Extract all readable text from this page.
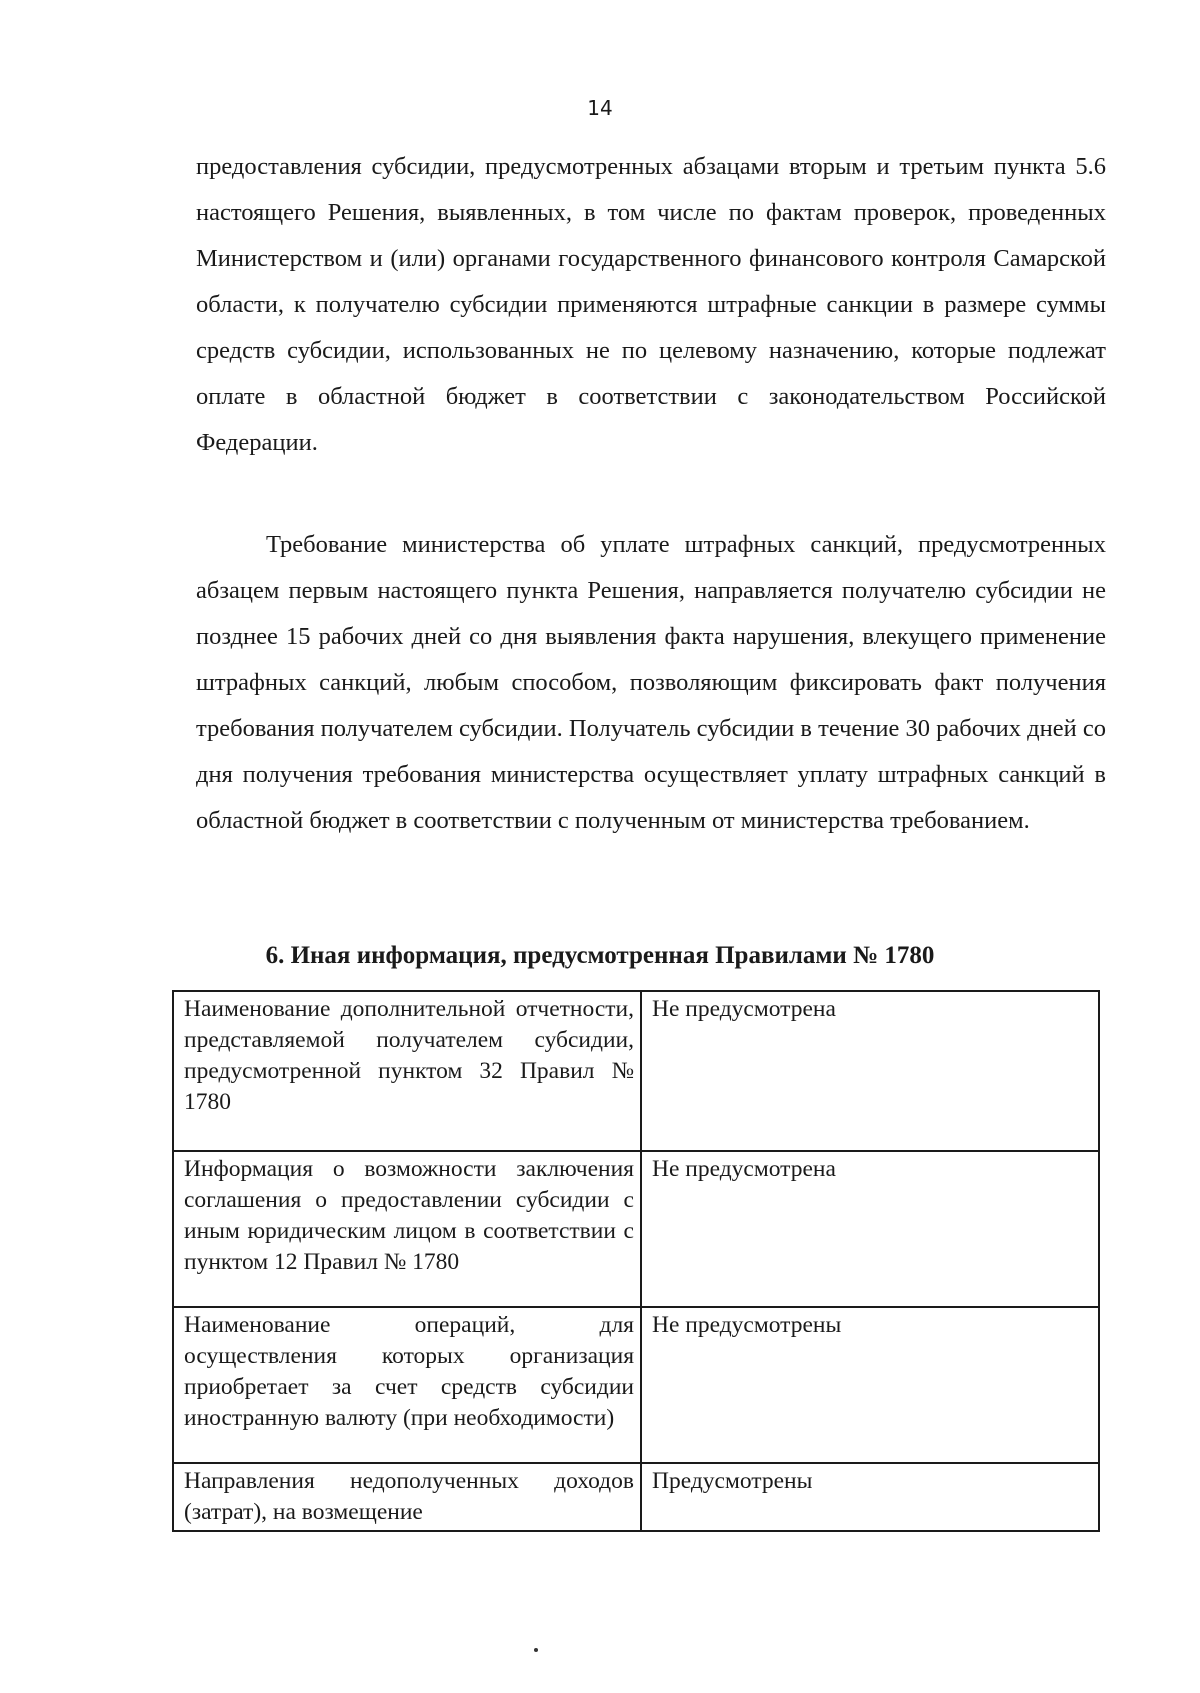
14

предоставления субсидии, предусмотренных абзацами вторым и третьим пункта 5.6 настоящего Решения, выявленных, в том числе по фактам проверок, проведенных Министерством и (или) органами государственного финансового контроля Самарской области, к получателю субсидии применяются штрафные санкции в размере суммы средств субсидии, использованных не по целевому назначению, которые подлежат оплате в областной бюджет в соответствии с законодательством Российской Федерации.

Требование министерства об уплате штрафных санкций, предусмотренных абзацем первым настоящего пункта Решения, направляется получателю субсидии не позднее 15 рабочих дней со дня выявления факта нарушения, влекущего применение штрафных санкций, любым способом, позволяющим фиксировать факт получения требования получателем субсидии. Получатель субсидии в течение 30 рабочих дней со дня получения требования министерства осуществляет уплату штрафных санкций в областной бюджет в соответствии с полученным от министерства требованием.

6. Иная информация, предусмотренная Правилами № 1780
Наименование дополнительной отчетности, представляемой получателем субсидии, предусмотренной пунктом 32 Правил № 1780	Не предусмотрена
Информация о возможности заключения соглашения о предоставлении субсидии с иным юридическим лицом в соответствии с пунктом 12 Правил № 1780	Не предусмотрена
Наименование операций, для осуществления которых организация приобретает за счет средств субсидии иностранную валюту (при необходимости)	Не предусмотрены
Направления недополученных доходов (затрат), на возмещение	Предусмотрены
